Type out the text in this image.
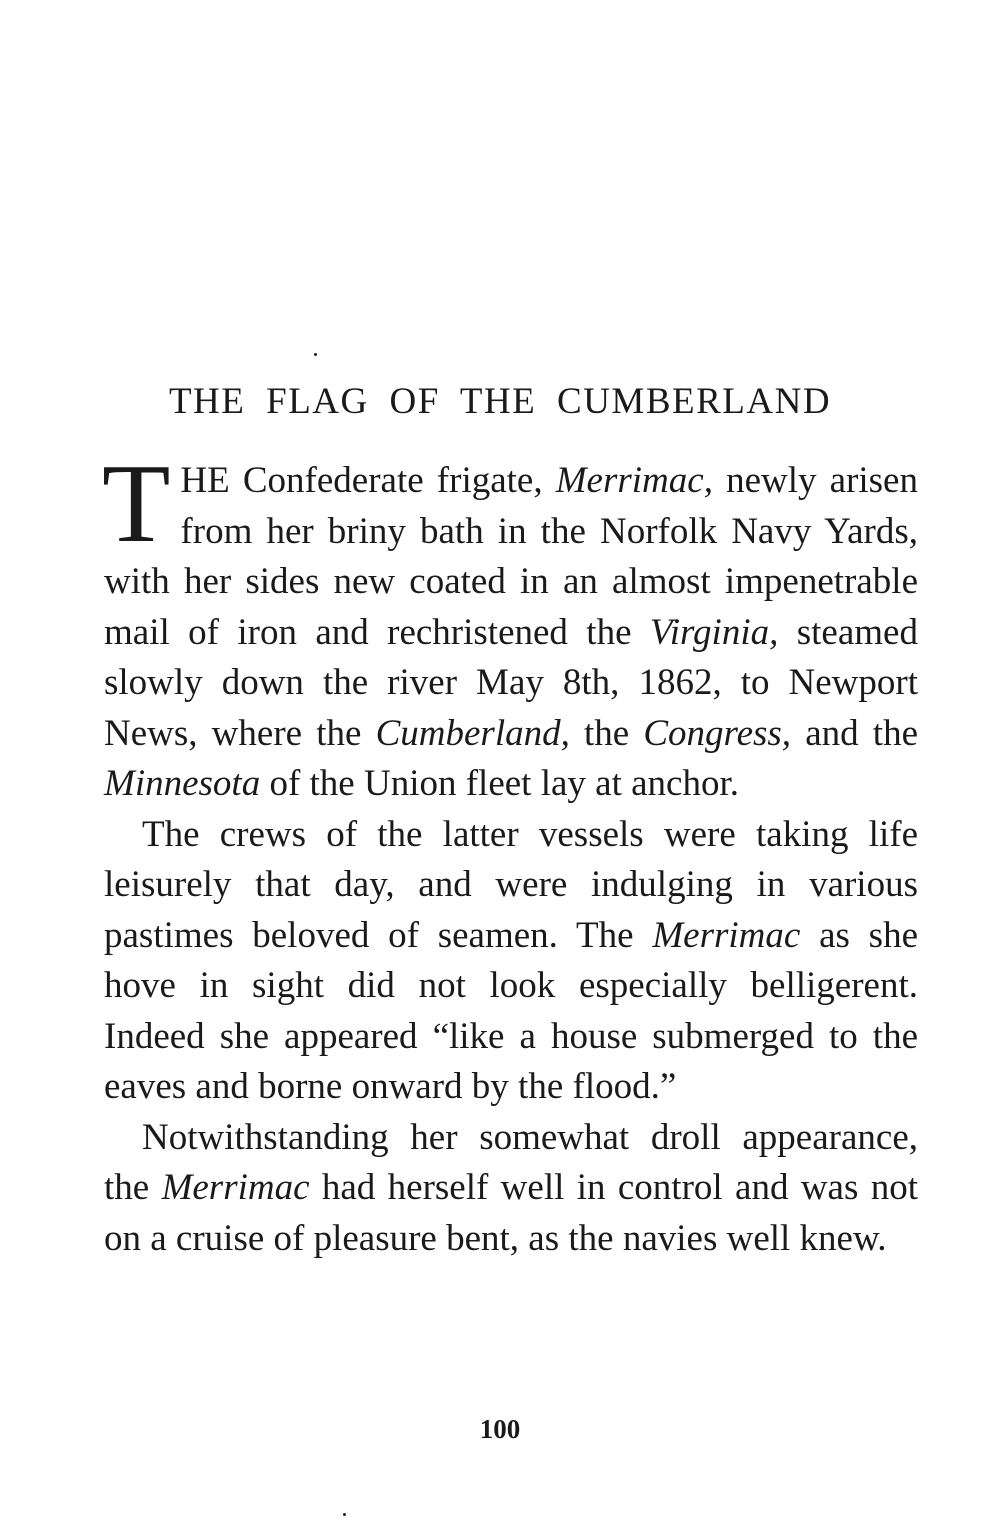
THE FLAG OF THE CUMBERLAND

THE Confederate frigate, Merrimac, newly arisen from her briny bath in the Norfolk Navy Yards, with her sides new coated in an almost impenetrable mail of iron and rechristened the Virginia, steamed slowly down the river May 8th, 1862, to Newport News, where the Cumberland, the Congress, and the Minnesota of the Union fleet lay at anchor.

The crews of the latter vessels were taking life leisurely that day, and were indulging in various pastimes beloved of seamen. The Merrimac as she hove in sight did not look especially belligerent. Indeed she appeared “like a house submerged to the eaves and borne onward by the flood.”

Notwithstanding her somewhat droll appearance, the Merrimac had herself well in control and was not on a cruise of pleasure bent, as the navies well knew.

100
